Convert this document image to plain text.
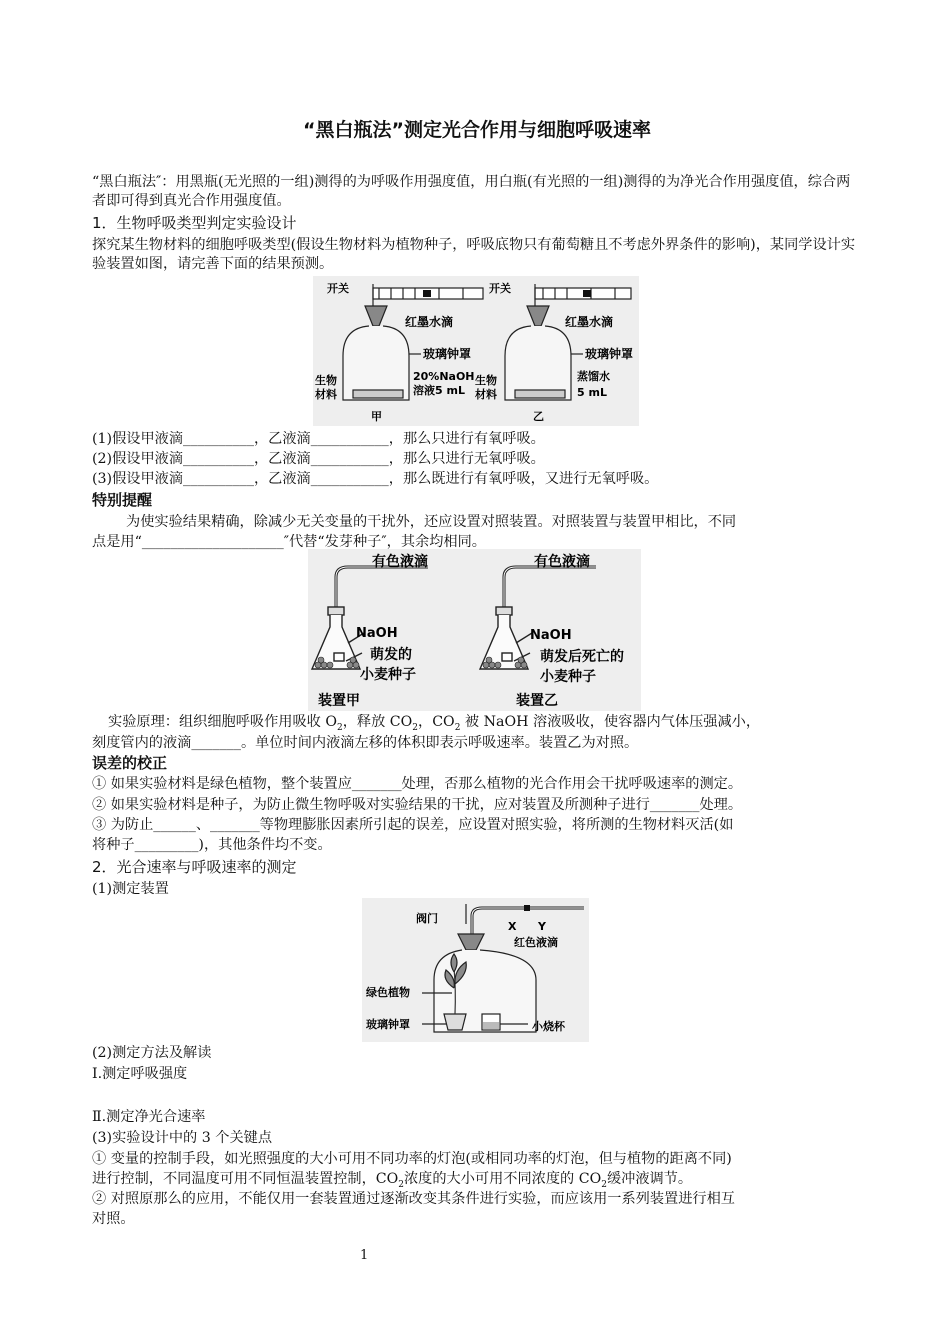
“黑白瓶法”测定光合作用与细胞呼吸速率
“黑白瓶法″：用黑瓶(无光照的一组)测得的为呼吸作用强度值，用白瓶(有光照的一组)测得的为净光合作用强度值，综合两者即可得到真光合作用强度值。
1．生物呼吸类型判定实验设计
探究某生物材料的细胞呼吸类型(假设生物材料为植物种子，呼吸底物只有葡萄糖且不考虑外界条件的影响)，某同学设计实验装置如图，请完善下面的结果预测。
开关	开关
红墨水滴	红墨水滴
玻璃钟罩	玻璃钟罩
生物
材料
20%NaOH
溶液5 mL
生物
材料
蒸馏水
5 mL
甲	乙
(1)假设甲液滴__________，乙液滴___________，那么只进行有氧呼吸。
(2)假设甲液滴__________，乙液滴___________，那么只进行无氧呼吸。
(3)假设甲液滴__________，乙液滴___________，那么既进行有氧呼吸，又进行无氧呼吸。
特别提醒
为使实验结果精确，除减少无关变量的干扰外，还应设置对照装置。对照装置与装置甲相比，不同
点是用“____________________″代替“发芽种子″，其余均相同。
有色液滴	有色液滴
NaOH	NaOH
萌发的
小麦种子
萌发后死亡的
小麦种子
装置甲	装置乙
实验原理：组织细胞呼吸作用吸收 $O_2$，释放 $CO_2$，$CO_2$ 被 NaOH 溶液吸收，使容器内气体压强减小，
刻度管内的液滴_______。单位时间内液滴左移的体积即表示呼吸速率。装置乙为对照。
误差的校正
① 如果实验材料是绿色植物，整个装置应_______处理，否那么植物的光合作用会干扰呼吸速率的测定。
② 如果实验材料是种子，为防止微生物呼吸对实验结果的干扰，应对装置及所测种子进行_______处理。
③ 为防止______、_______等物理膨胀因素所引起的误差，应设置对照实验，将所测的生物材料灭活(如
将种子_________)，其他条件均不变。
2．光合速率与呼吸速率的测定
(1)测定装置
阀门
X Y
红色液滴
绿色植物
玻璃钟罩	小烧杯
(2)测定方法及解读
Ⅰ.测定呼吸强度
Ⅱ.测定净光合速率
(3)实验设计中的 3 个关键点
① 变量的控制手段，如光照强度的大小可用不同功率的灯泡(或相同功率的灯泡，但与植物的距离不同)
进行控制，不同温度可用不同恒温装置控制，$CO_2$浓度的大小可用不同浓度的 $CO_2$缓冲液调节。
② 对照原那么的应用，不能仅用一套装置通过逐渐改变其条件进行实验，而应该用一系列装置进行相互
对照。
1
